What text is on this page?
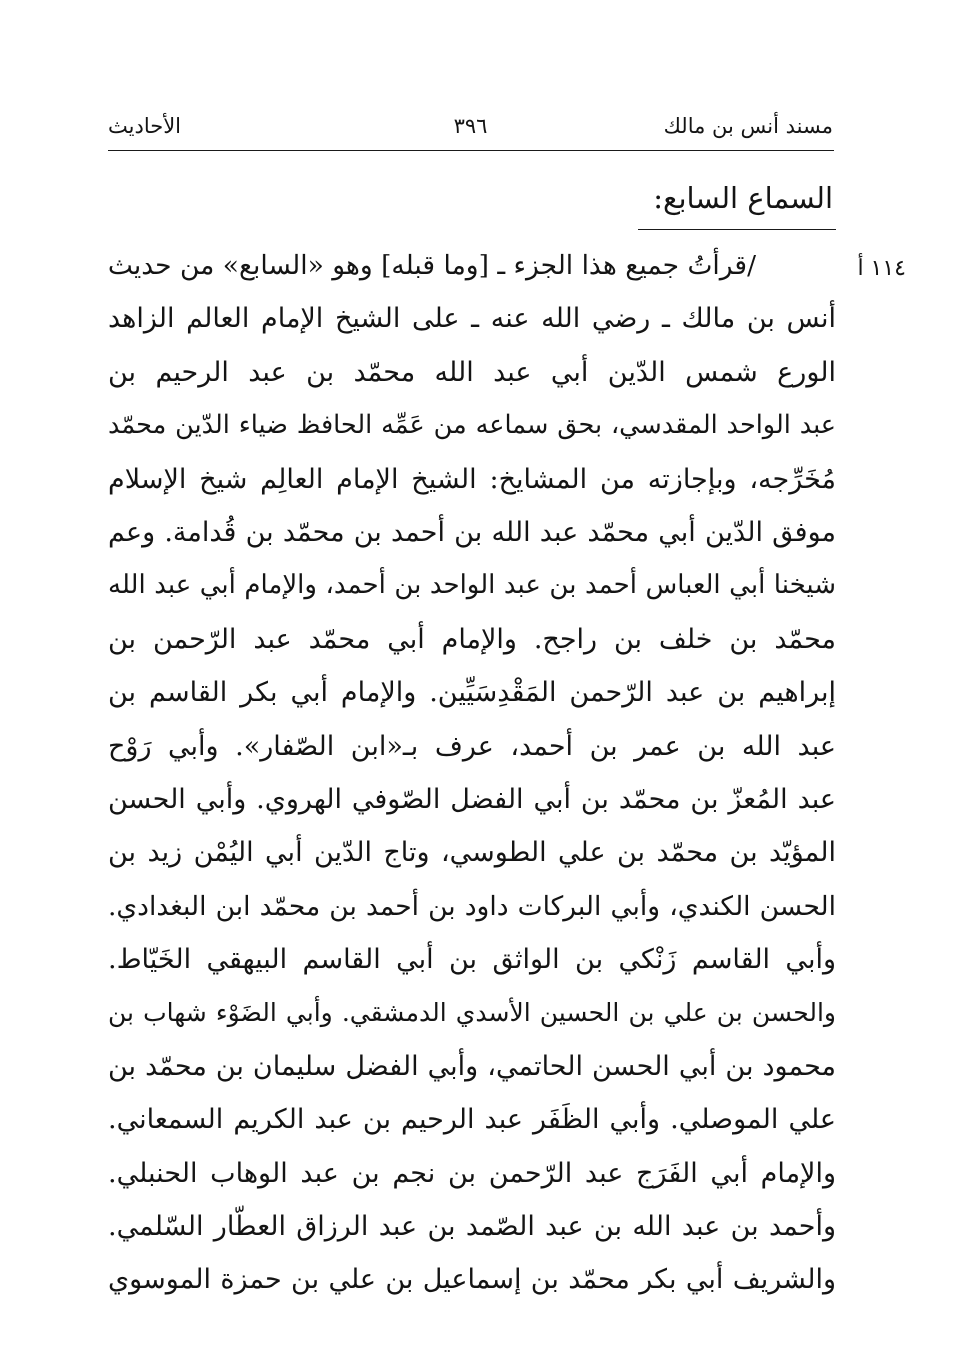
مسند أنس بن مالك
٣٩٦
الأحاديث
السماع السابع:
١١٤ أ
/قرأتُ جميع هذا الجزء ـ [وما قبله] وهو «السابع» من حديث
أنس بن مالك ـ رضي الله عنه ـ على الشيخ الإمام العالم الزاهد
الورع شمس الدّين أبي عبد الله محمّد بن عبد الرحيم بن
عبد الواحد المقدسي، بحق سماعه من عَمِّه الحافظ ضياء الدّين محمّد
مُخَرِّجه، وبإجازته من المشايخ: الشيخ الإمام العالِم شيخ الإسلام
موفق الدّين أبي محمّد عبد الله بن أحمد بن محمّد بن قُدامة. وعم
شيخنا أبي العباس أحمد بن عبد الواحد بن أحمد، والإمام أبي عبد الله
محمّد بن خلف بن راجح. والإمام أبي محمّد عبد الرّحمن بن
إبراهيم بن عبد الرّحمن المَقْدِسَيِّين. والإمام أبي بكر القاسم بن
عبد الله بن عمر بن أحمد، عرف بـ«ابن الصّفار». وأبي رَوْح
عبد المُعزّ بن محمّد بن أبي الفضل الصّوفي الهروي. وأبي الحسن
المؤيّد بن محمّد بن علي الطوسي، وتاج الدّين أبي اليُمْن زيد بن
الحسن الكندي، وأبي البركات داود بن أحمد بن محمّد ابن البغدادي.
وأبي القاسم زَنْكي بن الواثق بن أبي القاسم البيهقي الخَيّاط.
والحسن بن علي بن الحسين الأسدي الدمشقي. وأبي الضَوْء شهاب بن
محمود بن أبي الحسن الحاتمي، وأبي الفضل سليمان بن محمّد بن
علي الموصلي. وأبي الظَفَر عبد الرحيم بن عبد الكريم السمعاني.
والإمام أبي الفَرَج عبد الرّحمن بن نجم بن عبد الوهاب الحنبلي.
وأحمد بن عبد الله بن عبد الصّمد بن عبد الرزاق العطّار السّلمي.
والشريف أبي بكر محمّد بن إسماعيل بن علي بن حمزة الموسوي
